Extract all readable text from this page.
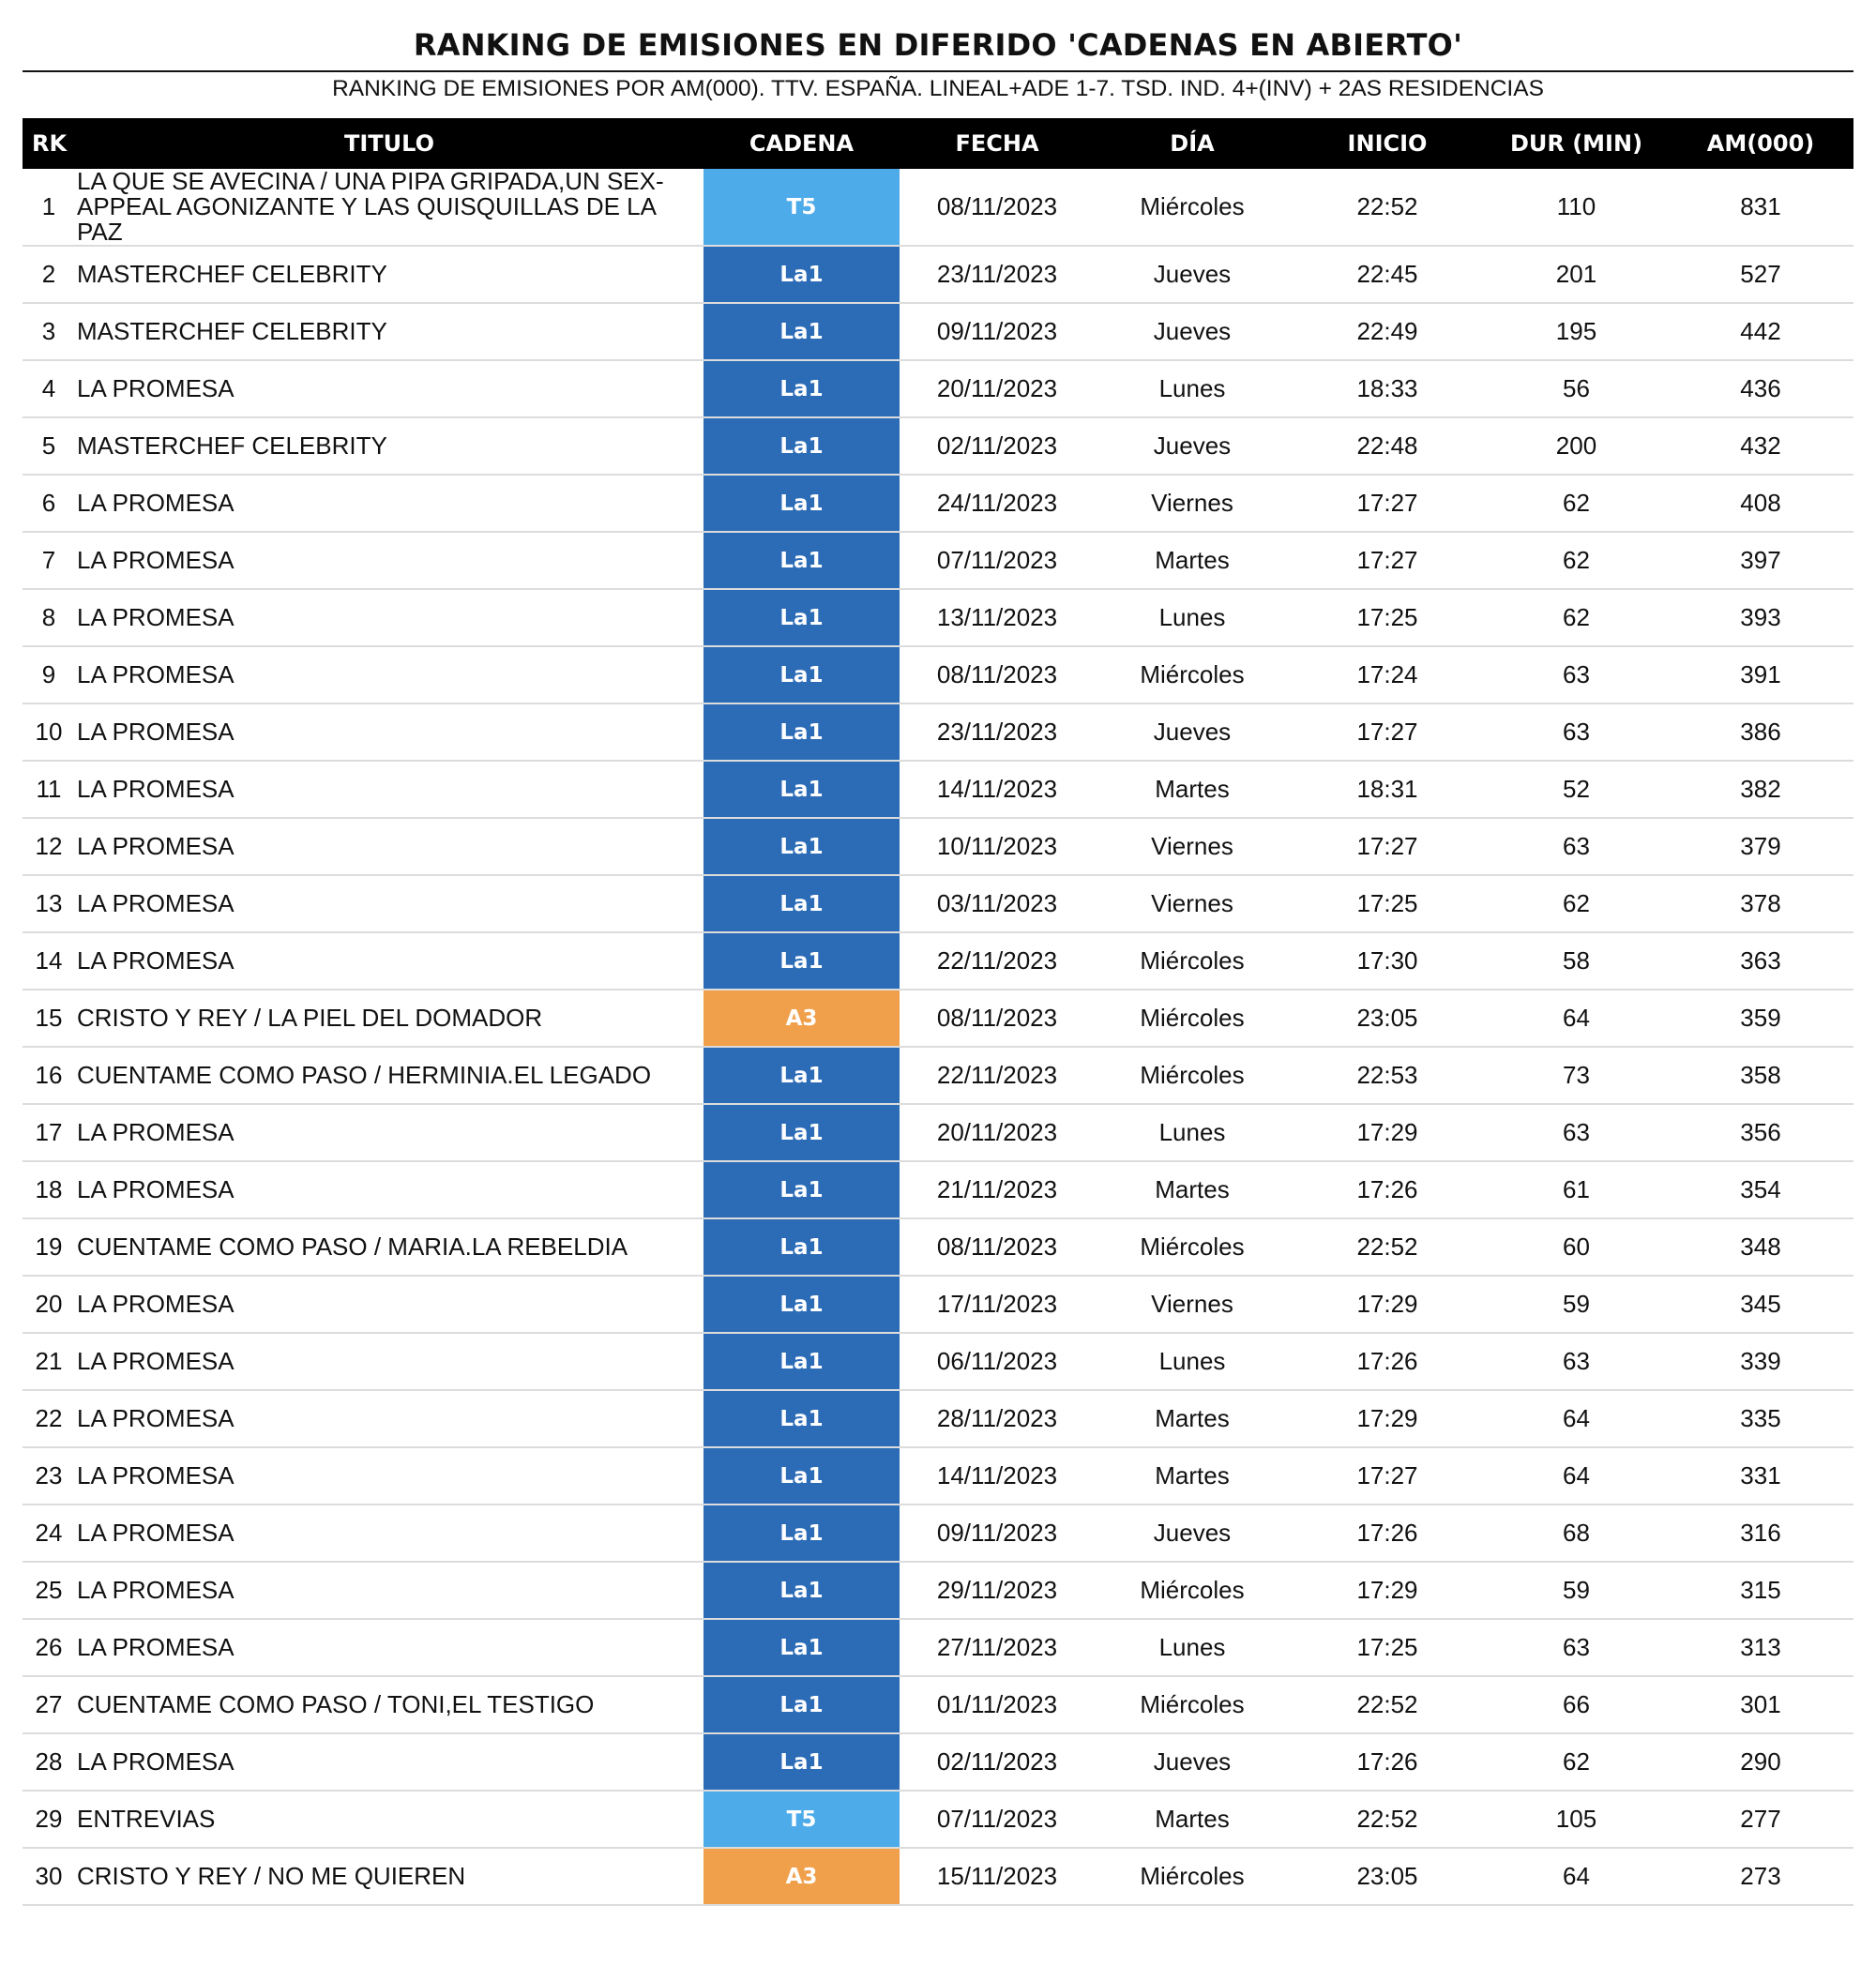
RANKING DE EMISIONES EN DIFERIDO 'CADENAS EN ABIERTO'
RANKING DE EMISIONES POR AM(000). TTV. ESPAÑA. LINEAL+ADE 1-7. TSD. IND. 4+(INV) + 2AS RESIDENCIAS
RK	TITULO	CADENA	FECHA	DÍA	INICIO	DUR (MIN)	AM(000)
1	LA QUE SE AVECINA / UNA PIPA GRIPADA,UN SEX-APPEAL AGONIZANTE Y LAS QUISQUILLAS DE LA PAZ	T5	08/11/2023	Miércoles	22:52	110	831
2	MASTERCHEF CELEBRITY	La1	23/11/2023	Jueves	22:45	201	527
3	MASTERCHEF CELEBRITY	La1	09/11/2023	Jueves	22:49	195	442
4	LA PROMESA	La1	20/11/2023	Lunes	18:33	56	436
5	MASTERCHEF CELEBRITY	La1	02/11/2023	Jueves	22:48	200	432
6	LA PROMESA	La1	24/11/2023	Viernes	17:27	62	408
7	LA PROMESA	La1	07/11/2023	Martes	17:27	62	397
8	LA PROMESA	La1	13/11/2023	Lunes	17:25	62	393
9	LA PROMESA	La1	08/11/2023	Miércoles	17:24	63	391
10	LA PROMESA	La1	23/11/2023	Jueves	17:27	63	386
11	LA PROMESA	La1	14/11/2023	Martes	18:31	52	382
12	LA PROMESA	La1	10/11/2023	Viernes	17:27	63	379
13	LA PROMESA	La1	03/11/2023	Viernes	17:25	62	378
14	LA PROMESA	La1	22/11/2023	Miércoles	17:30	58	363
15	CRISTO Y REY / LA PIEL DEL DOMADOR	A3	08/11/2023	Miércoles	23:05	64	359
16	CUENTAME COMO PASO / HERMINIA.EL LEGADO	La1	22/11/2023	Miércoles	22:53	73	358
17	LA PROMESA	La1	20/11/2023	Lunes	17:29	63	356
18	LA PROMESA	La1	21/11/2023	Martes	17:26	61	354
19	CUENTAME COMO PASO / MARIA.LA REBELDIA	La1	08/11/2023	Miércoles	22:52	60	348
20	LA PROMESA	La1	17/11/2023	Viernes	17:29	59	345
21	LA PROMESA	La1	06/11/2023	Lunes	17:26	63	339
22	LA PROMESA	La1	28/11/2023	Martes	17:29	64	335
23	LA PROMESA	La1	14/11/2023	Martes	17:27	64	331
24	LA PROMESA	La1	09/11/2023	Jueves	17:26	68	316
25	LA PROMESA	La1	29/11/2023	Miércoles	17:29	59	315
26	LA PROMESA	La1	27/11/2023	Lunes	17:25	63	313
27	CUENTAME COMO PASO / TONI,EL TESTIGO	La1	01/11/2023	Miércoles	22:52	66	301
28	LA PROMESA	La1	02/11/2023	Jueves	17:26	62	290
29	ENTREVIAS	T5	07/11/2023	Martes	22:52	105	277
30	CRISTO Y REY / NO ME QUIEREN	A3	15/11/2023	Miércoles	23:05	64	273
